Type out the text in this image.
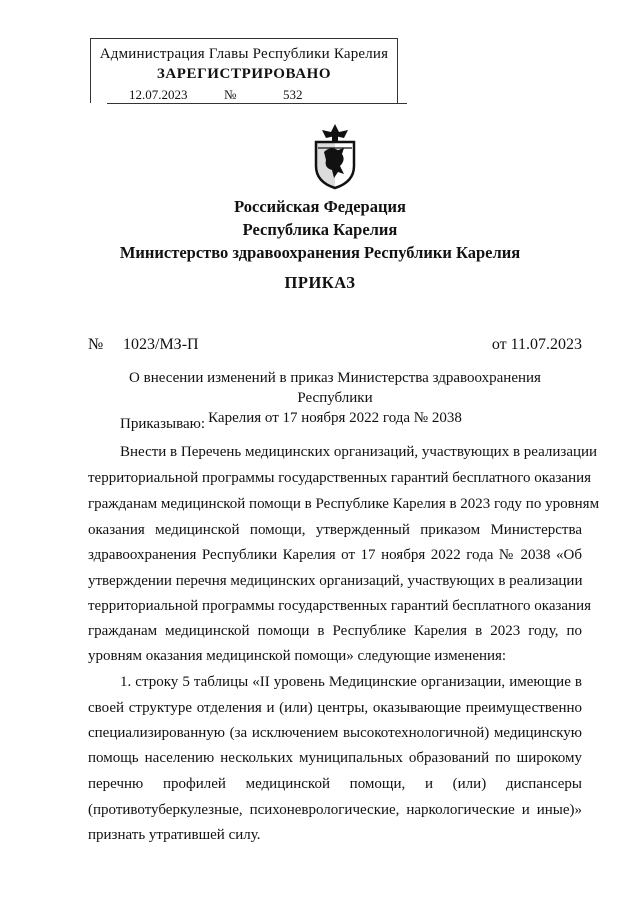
Администрация Главы Республики Карелия
ЗАРЕГИСТРИРОВАНО
12.07.2023	№	532
Российская Федерация
Республика Карелия
Министерство здравоохранения Республики Карелия
ПРИКАЗ
№ 1023/МЗ-П	от 11.07.2023
О внесении изменений в приказ Министерства здравоохранения Республики
Карелия от 17 ноября 2022 года № 2038
Приказываю:
Внести в Перечень медицинских организаций, участвующих в реализации
территориальной программы государственных гарантий бесплатного оказания
гражданам медицинской помощи в Республике Карелия в 2023 году по уровням
оказания медицинской помощи, утвержденный приказом Министерства
здравоохранения Республики Карелия от 17 ноября 2022 года № 2038 «Об
утверждении перечня медицинских организаций, участвующих в реализации
территориальной программы государственных гарантий бесплатного оказания
гражданам медицинской помощи в Республике Карелия в 2023 году, по
уровням оказания медицинской помощи» следующие изменения:
1. строку 5 таблицы «II уровень Медицинские организации, имеющие в
своей структуре отделения и (или) центры, оказывающие преимущественно
специализированную (за исключением высокотехнологичной) медицинскую
помощь населению нескольких муниципальных образований по широкому
перечню профилей медицинской помощи, и (или) диспансеры
(противотуберкулезные, психоневрологические, наркологические и иные)»
признать утратившей силу.
